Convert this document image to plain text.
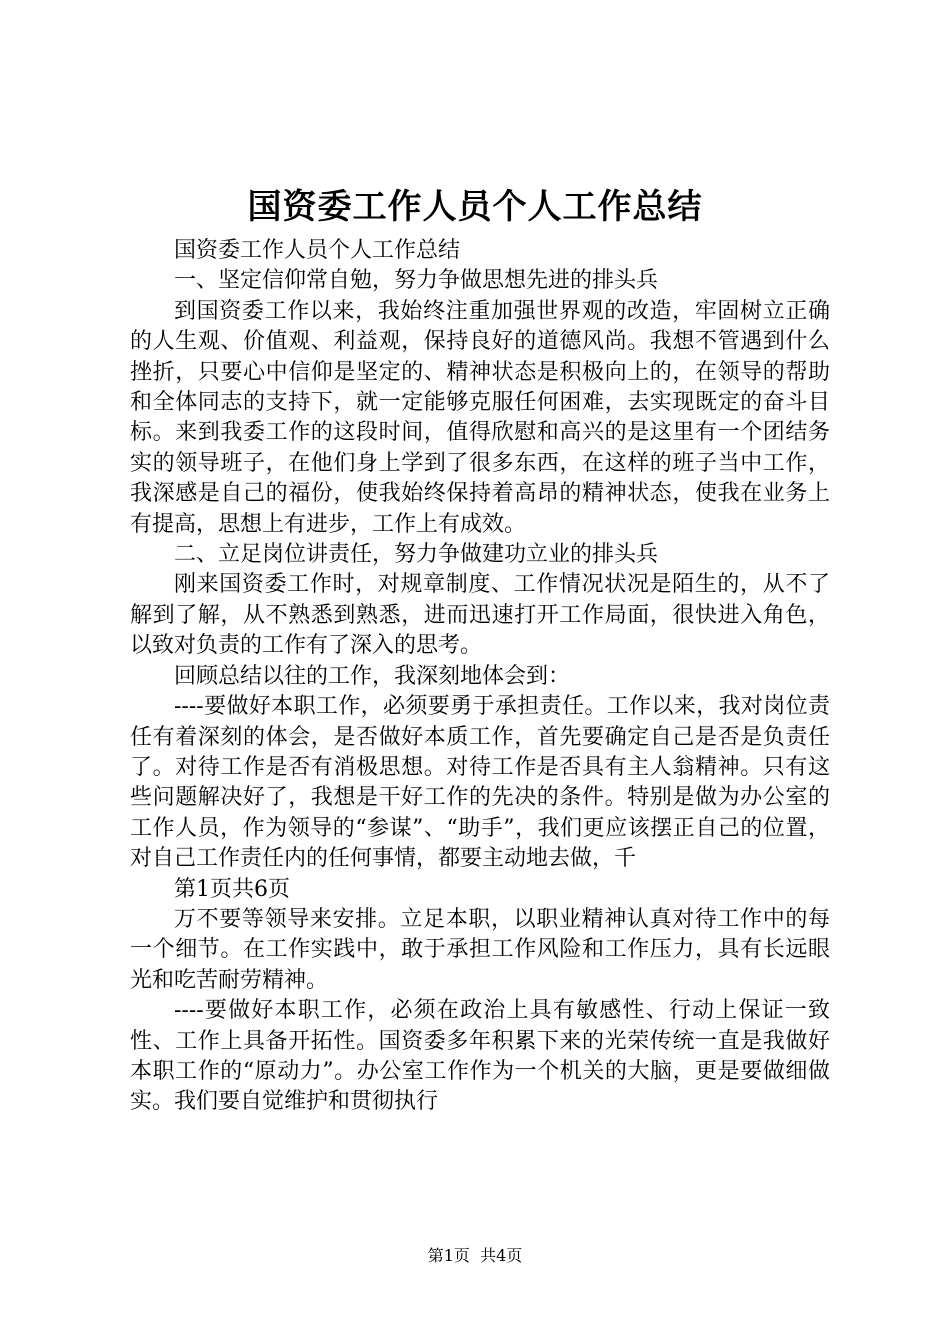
国资委工作人员个人工作总结

国资委工作人员个人工作总结

一、坚定信仰常自勉，努力争做思想先进的排头兵

到国资委工作以来，我始终注重加强世界观的改造，牢固树立正确的人生观、价值观、利益观，保持良好的道德风尚。我想不管遇到什么挫折，只要心中信仰是坚定的、精神状态是积极向上的，在领导的帮助和全体同志的支持下，就一定能够克服任何困难，去实现既定的奋斗目标。来到我委工作的这段时间，值得欣慰和高兴的是这里有一个团结务实的领导班子，在他们身上学到了很多东西，在这样的班子当中工作，我深感是自己的福份，使我始终保持着高昂的精神状态，使我在业务上有提高，思想上有进步，工作上有成效。

二、立足岗位讲责任，努力争做建功立业的排头兵

刚来国资委工作时，对规章制度、工作情况状况是陌生的，从不了解到了解，从不熟悉到熟悉，进而迅速打开工作局面，很快进入角色，以致对负责的工作有了深入的思考。

回顾总结以往的工作，我深刻地体会到：

----要做好本职工作，必须要勇于承担责任。工作以来，我对岗位责任有着深刻的体会，是否做好本质工作，首先要确定自己是否是负责任了。对待工作是否有消极思想。对待工作是否具有主人翁精神。只有这些问题解决好了，我想是干好工作的先决的条件。特别是做为办公室的工作人员，作为领导的“参谋”、“助手”，我们更应该摆正自己的位置，对自己工作责任内的任何事情，都要主动地去做，千

第1页共6页

万不要等领导来安排。立足本职，以职业精神认真对待工作中的每一个细节。在工作实践中，敢于承担工作风险和工作压力，具有长远眼光和吃苦耐劳精神。

----要做好本职工作，必须在政治上具有敏感性、行动上保证一致性、工作上具备开拓性。国资委多年积累下来的光荣传统一直是我做好本职工作的“原动力”。办公室工作作为一个机关的大脑，更是要做细做实。我们要自觉维护和贯彻执行

第1页  共4页
